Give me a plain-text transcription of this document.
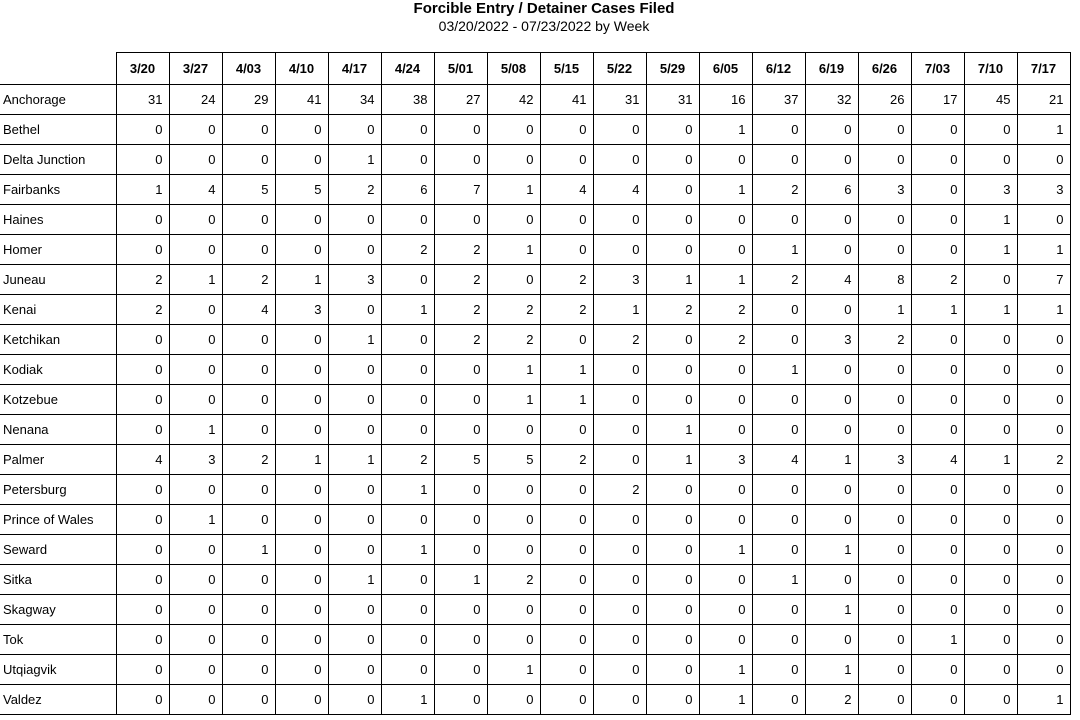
Forcible Entry / Detainer Cases Filed
03/20/2022 - 07/23/2022 by Week
	3/20	3/27	4/03	4/10	4/17	4/24	5/01	5/08	5/15	5/22	5/29	6/05	6/12	6/19	6/26	7/03	7/10	7/17
Anchorage	31	24	29	41	34	38	27	42	41	31	31	16	37	32	26	17	45	21
Bethel	0	0	0	0	0	0	0	0	0	0	0	1	0	0	0	0	0	1
Delta Junction	0	0	0	0	1	0	0	0	0	0	0	0	0	0	0	0	0	0
Fairbanks	1	4	5	5	2	6	7	1	4	4	0	1	2	6	3	0	3	3
Haines	0	0	0	0	0	0	0	0	0	0	0	0	0	0	0	0	1	0
Homer	0	0	0	0	0	2	2	1	0	0	0	0	1	0	0	0	1	1
Juneau	2	1	2	1	3	0	2	0	2	3	1	1	2	4	8	2	0	7
Kenai	2	0	4	3	0	1	2	2	2	1	2	2	0	0	1	1	1	1
Ketchikan	0	0	0	0	1	0	2	2	0	2	0	2	0	3	2	0	0	0
Kodiak	0	0	0	0	0	0	0	1	1	0	0	0	1	0	0	0	0	0
Kotzebue	0	0	0	0	0	0	0	1	1	0	0	0	0	0	0	0	0	0
Nenana	0	1	0	0	0	0	0	0	0	0	1	0	0	0	0	0	0	0
Palmer	4	3	2	1	1	2	5	5	2	0	1	3	4	1	3	4	1	2
Petersburg	0	0	0	0	0	1	0	0	0	2	0	0	0	0	0	0	0	0
Prince of Wales	0	1	0	0	0	0	0	0	0	0	0	0	0	0	0	0	0	0
Seward	0	0	1	0	0	1	0	0	0	0	0	1	0	1	0	0	0	0
Sitka	0	0	0	0	1	0	1	2	0	0	0	0	1	0	0	0	0	0
Skagway	0	0	0	0	0	0	0	0	0	0	0	0	0	1	0	0	0	0
Tok	0	0	0	0	0	0	0	0	0	0	0	0	0	0	0	1	0	0
Utqiagvik	0	0	0	0	0	0	0	1	0	0	0	1	0	1	0	0	0	0
Valdez	0	0	0	0	0	1	0	0	0	0	0	1	0	2	0	0	0	1
